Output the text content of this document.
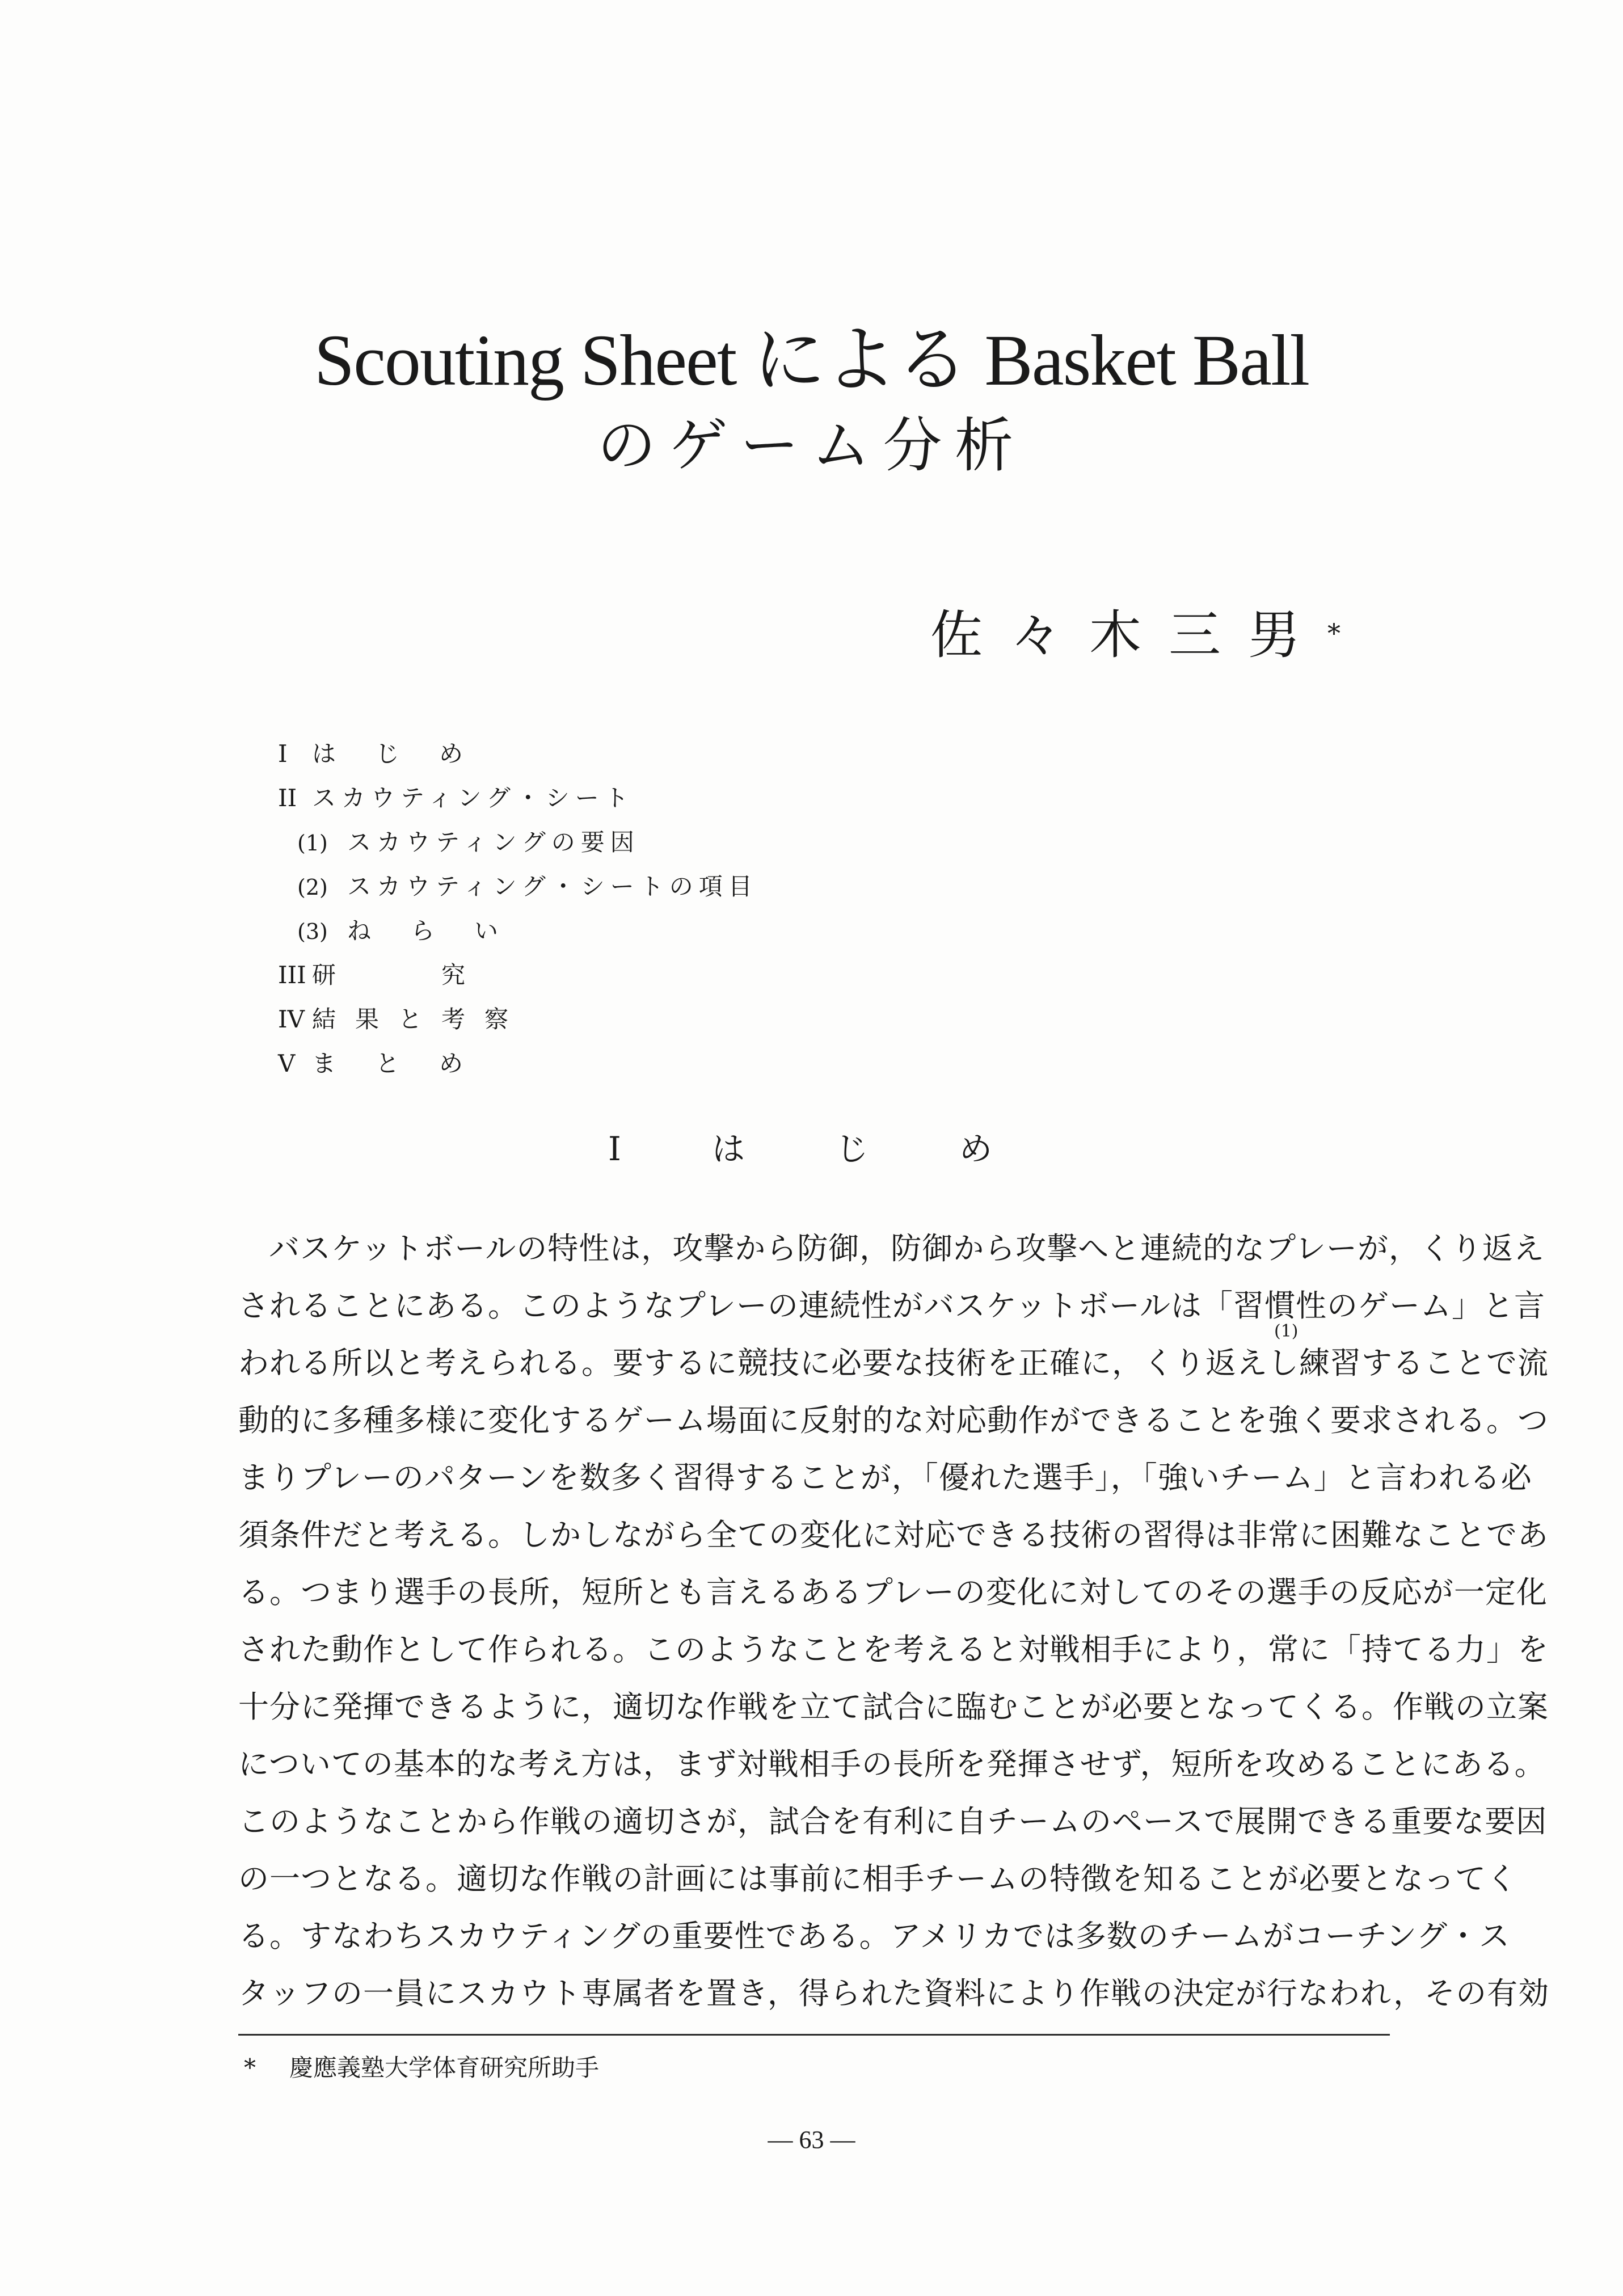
Scouting Sheet による Basket Ball
のゲーム分析
佐々木三男*
I はじめ
II スカウティング・シート
(1) スカウティングの要因
(2) スカウティング・シートの項目
(3) ねらい
III 研　　究
IV 結果と考察
V まとめ
Iはじめ
バスケットボールの特性は，攻撃から防御，防御から攻撃へと連続的なプレーが，くり返え
されることにある。このようなプレーの連続性がバスケットボールは「習慣性のゲーム」と言
われる所以と考えられる。要するに競技に必要な技術を正確に，くり返えし練習することで流
動的に多種多様に変化するゲーム場面に反射的な対応動作ができることを強く要求される。つ
まりプレーのパターンを数多く習得することが，「優れた選手」，「強いチーム」と言われる必
須条件だと考える。しかしながら全ての変化に対応できる技術の習得は非常に困難なことであ
る。つまり選手の長所，短所とも言えるあるプレーの変化に対してのその選手の反応が一定化
された動作として作られる。このようなことを考えると対戦相手により，常に「持てる力」を
十分に発揮できるように，適切な作戦を立て試合に臨むことが必要となってくる。作戦の立案
についての基本的な考え方は，まず対戦相手の長所を発揮させず，短所を攻めることにある。
このようなことから作戦の適切さが，試合を有利に自チームのペースで展開できる重要な要因
の一つとなる。適切な作戦の計画には事前に相手チームの特徴を知ることが必要となってく
る。すなわちスカウティングの重要性である。アメリカでは多数のチームがコーチング・ス
タッフの一員にスカウト専属者を置き，得られた資料により作戦の決定が行なわれ，その有効
(1)
* 慶應義塾大学体育研究所助手
— 63 —
